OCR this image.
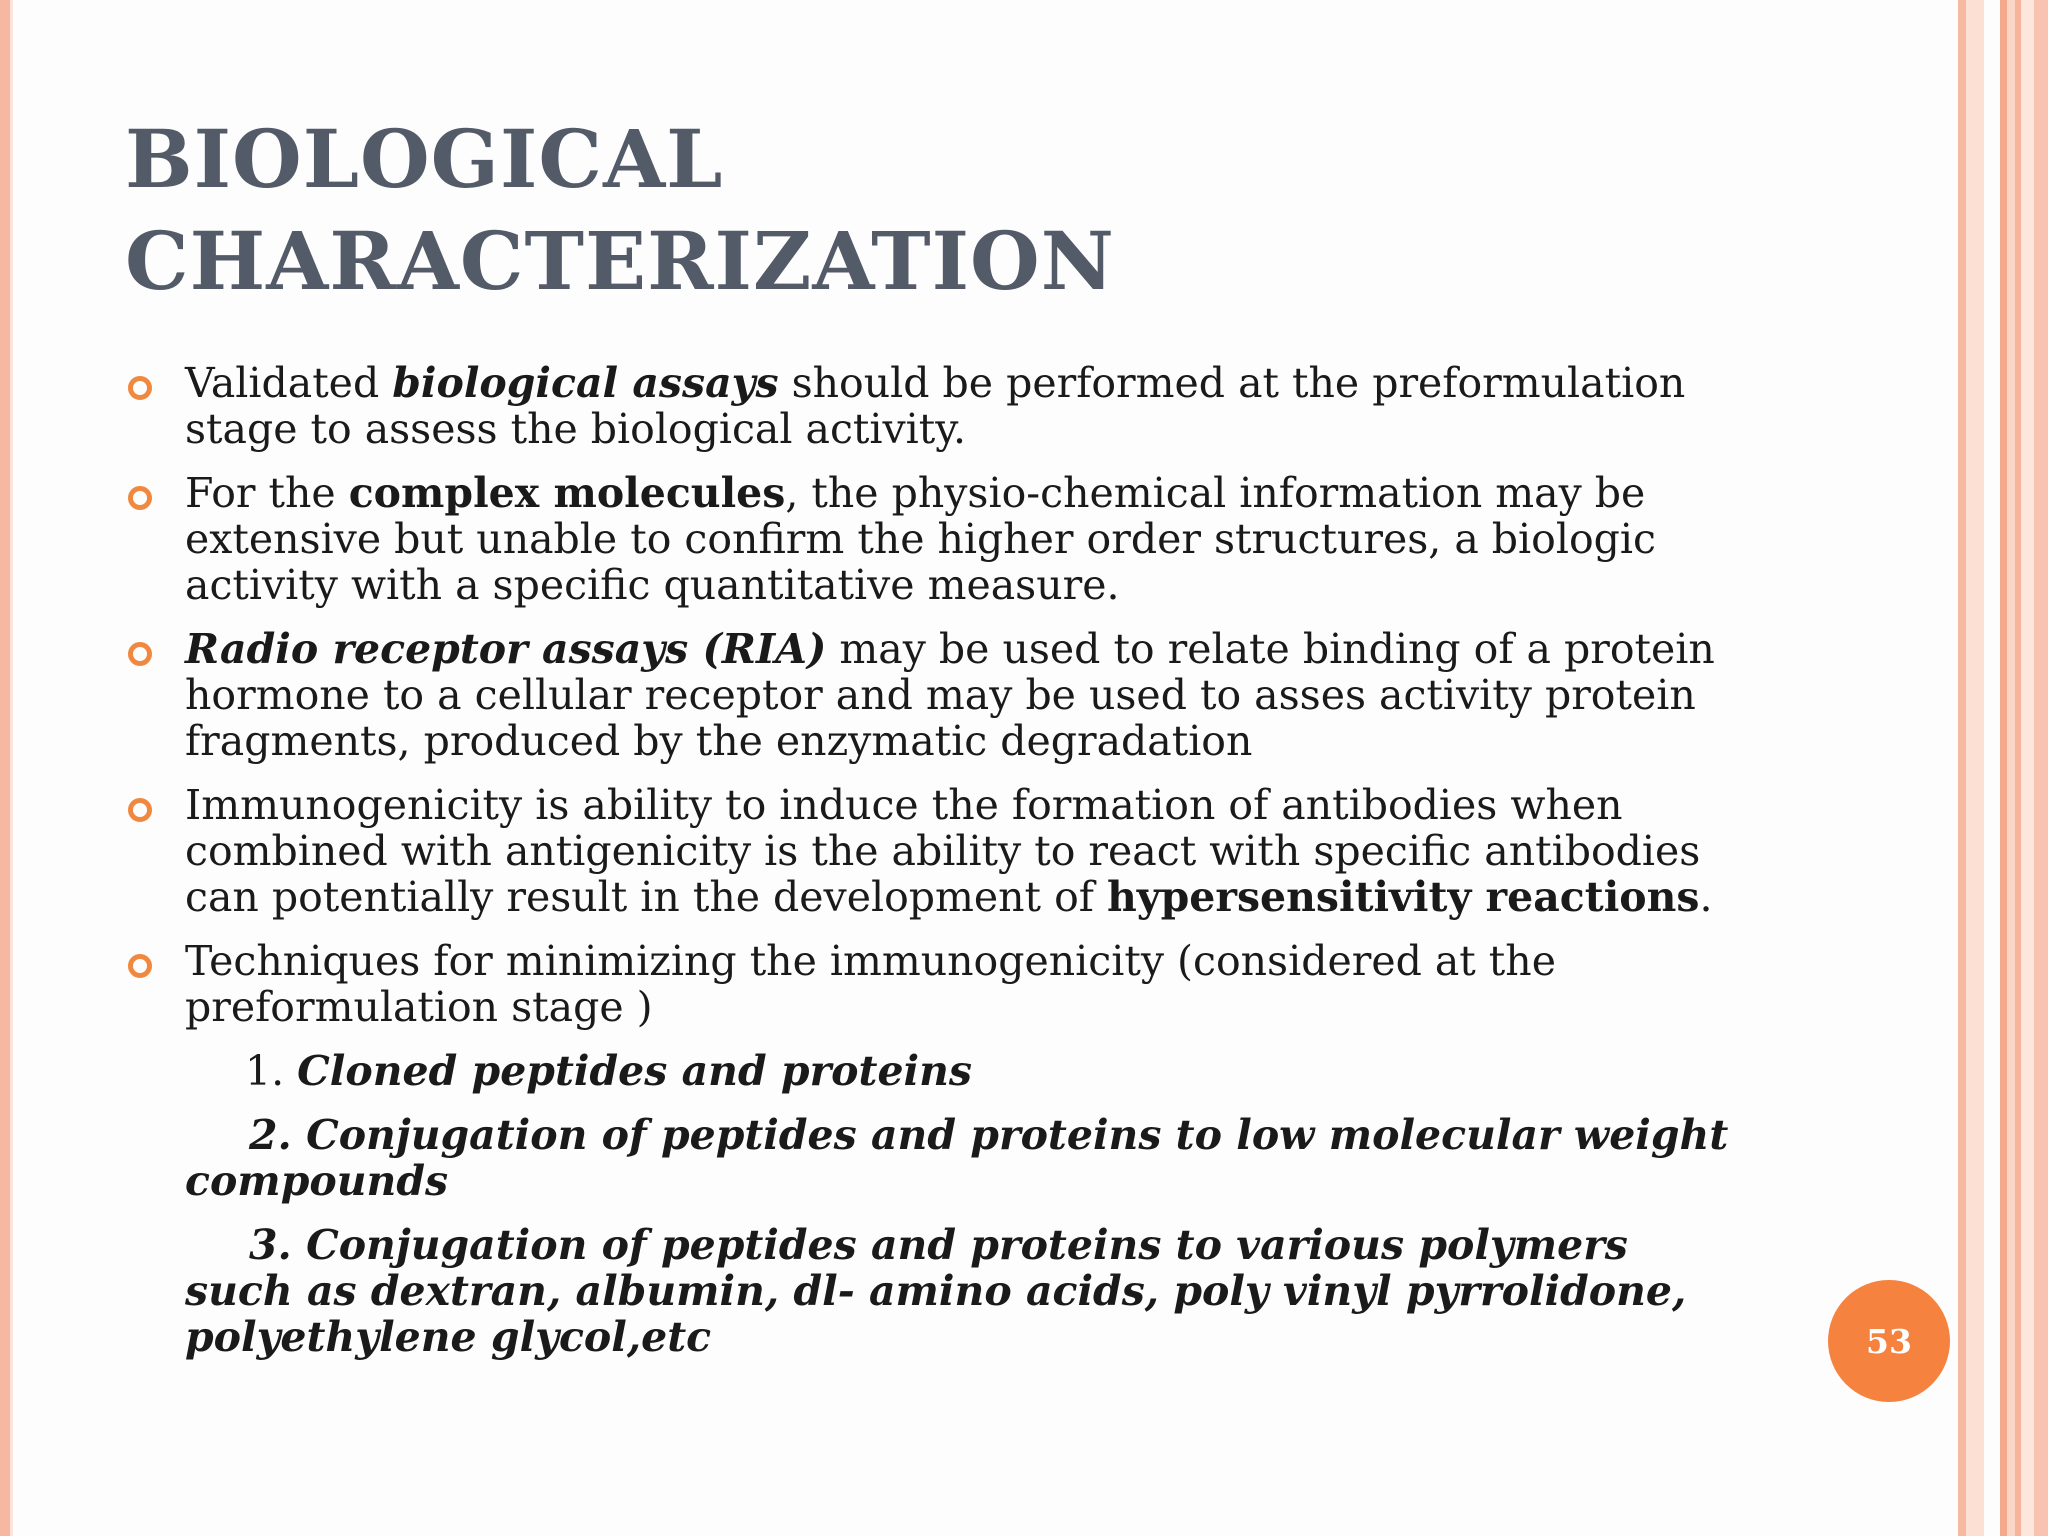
BIOLOGICAL
CHARACTERIZATION
Validated biological assays should be performed at the preformulation stage to assess the biological activity.
For the complex molecules, the physio-chemical information may be extensive but unable to confirm the higher order structures, a biologic activity with a specific quantitative measure.
Radio receptor assays (RIA) may be used to relate binding of a protein hormone to a cellular receptor and may be used to asses activity protein fragments, produced by the enzymatic degradation
Immunogenicity is ability to induce the formation of antibodies when combined with antigenicity is the ability to react with specific antibodies can potentially result in the development of hypersensitivity reactions.
Techniques for minimizing the immunogenicity (considered at the preformulation stage )
1. Cloned peptides and proteins
2. Conjugation of peptides and proteins to low molecular weight compounds
3. Conjugation of peptides and proteins to various polymers such as dextran, albumin, dl- amino acids, poly vinyl pyrrolidone, polyethylene glycol,etc	53
